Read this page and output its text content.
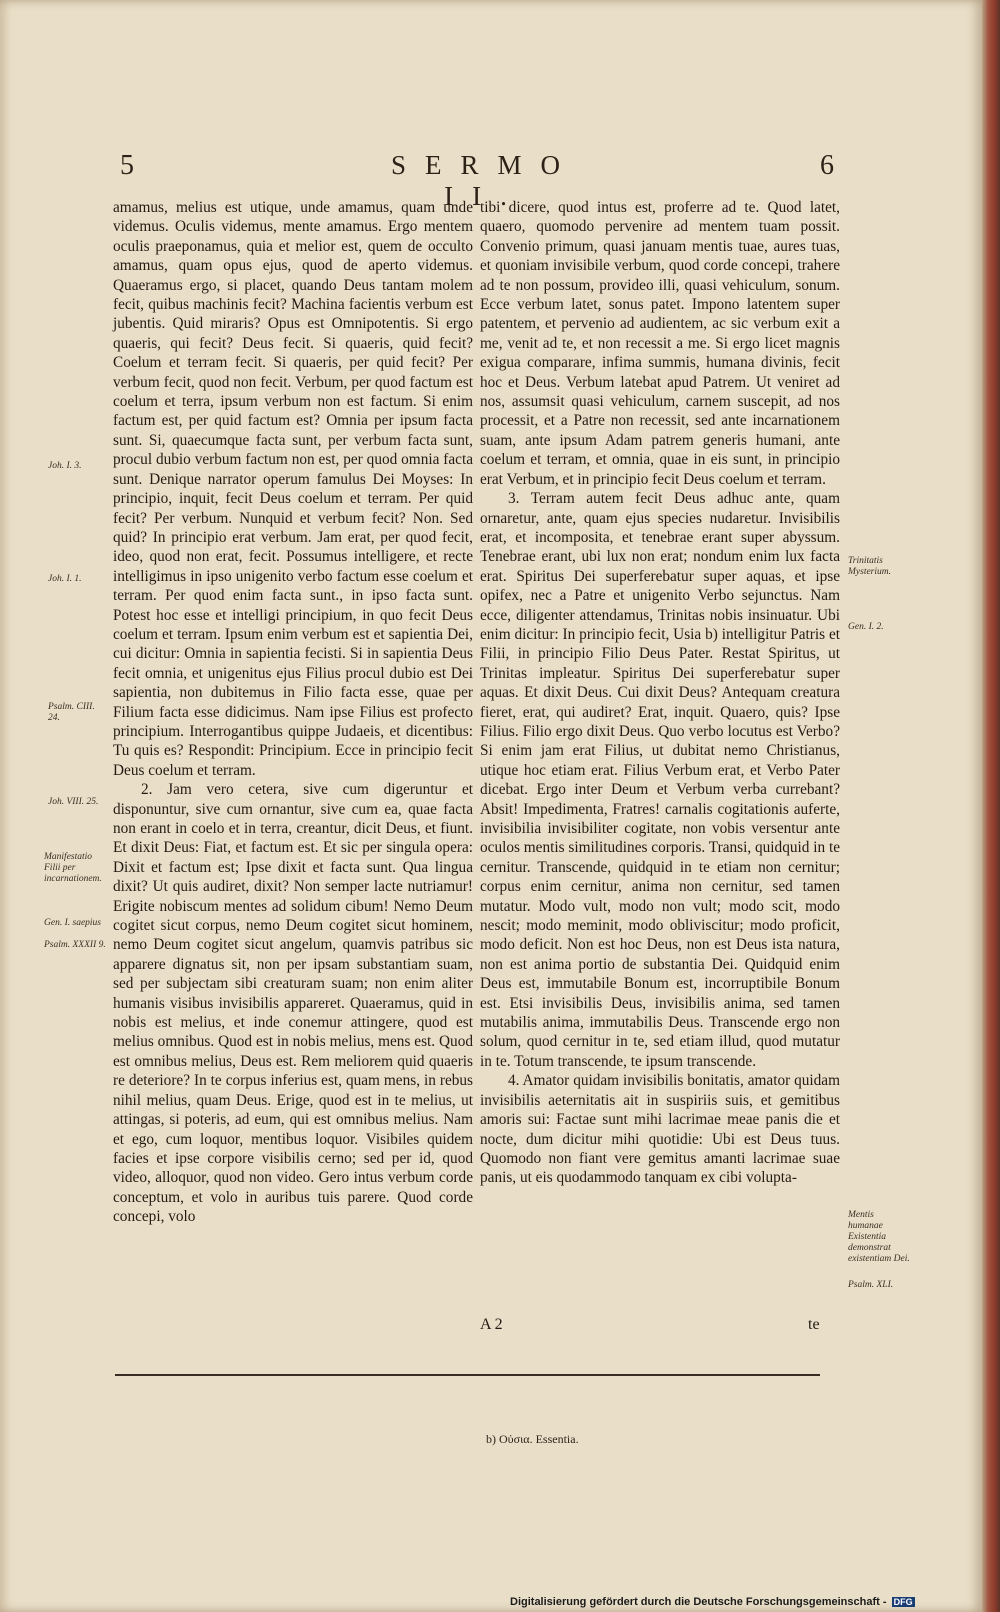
5	SERMO II.
6

amamus, melius est utique, unde amamus, quam unde videmus. Oculis videmus, mente amamus. Ergo mentem oculis praeponamus, quia et melior est, quem de occulto amamus, quam opus ejus, quod de aperto videmus. Quaeramus ergo, si placet, quando Deus tantam molem fecit, quibus machinis fecit? Machina facientis verbum est jubentis. Quid miraris? Opus est Omnipotentis. Si ergo quaeris, qui fecit? Deus fecit. Si quaeris, quid fecit? Coelum et terram fecit. Si quaeris, per quid fecit? Per verbum fecit, quod non fecit. Verbum, per quod factum est coelum et terra, ipsum verbum non est factum. Si enim factum est, per quid factum est? Omnia per ipsum facta sunt. Si, quaecumque facta sunt, per verbum facta sunt, procul dubio verbum factum non est, per quod omnia facta sunt. Denique narrator operum famulus Dei Moyses: In principio, inquit, fecit Deus coelum et terram. Per quid fecit? Per verbum. Nunquid et verbum fecit? Non. Sed quid? In principio erat verbum. Jam erat, per quod fecit, ideo, quod non erat, fecit. Possumus intelligere, et recte intelligimus in ipso unigenito verbo factum esse coelum et terram. Per quod enim facta sunt., in ipso facta sunt. Potest hoc esse et intelligi principium, in quo fecit Deus coelum et terram. Ipsum enim verbum est et sapientia Dei, cui dicitur: Omnia in sapientia fecisti. Si in sapientia Deus fecit omnia, et unigenitus ejus Filius procul dubio est Dei sapientia, non dubitemus in Filio facta esse, quae per Filium facta esse didicimus. Nam ipse Filius est profecto principium. Interrogantibus quippe Judaeis, et dicentibus: Tu quis es? Respondit: Principium. Ecce in principio fecit Deus coelum et terram.

2. Jam vero cetera, sive cum digeruntur et disponuntur, sive cum ornantur, sive cum ea, quae facta non erant in coelo et in terra, creantur, dicit Deus, et fiunt. Et dixit Deus: Fiat, et factum est. Et sic per singula opera: Dixit et factum est; Ipse dixit et facta sunt. Qua lingua dixit? Ut quis audiret, dixit? Non semper lacte nutriamur! Erigite nobiscum mentes ad solidum cibum! Nemo Deum cogitet sicut corpus, nemo Deum cogitet sicut hominem, nemo Deum cogitet sicut angelum, quamvis patribus sic apparere dignatus sit, non per ipsam substantiam suam, sed per subjectam sibi creaturam suam; non enim aliter humanis visibus invisibilis appareret. Quaeramus, quid in nobis est melius, et inde conemur attingere, quod est melius omnibus. Quod est in nobis melius, mens est. Quod est omnibus melius, Deus est. Rem meliorem quid quaeris re deteriore? In te corpus inferius est, quam mens, in rebus nihil melius, quam Deus. Erige, quod est in te melius, ut attingas, si poteris, ad eum, qui est omnibus melius. Nam et ego, cum loquor, mentibus loquor. Visibiles quidem facies et ipse corpore visibilis cerno; sed per id, quod video, alloquor, quod non video. Gero intus verbum corde conceptum, et volo in auribus tuis parere. Quod corde concepi, volo

tibi dicere, quod intus est, proferre ad te. Quod latet, quaero, quomodo pervenire ad mentem tuam possit. Convenio primum, quasi januam mentis tuae, aures tuas, et quoniam invisibile verbum, quod corde concepi, trahere ad te non possum, provideo illi, quasi vehiculum, sonum. Ecce verbum latet, sonus patet. Impono latentem super patentem, et pervenio ad audientem, ac sic verbum exit a me, venit ad te, et non recessit a me. Si ergo licet magnis exigua comparare, infima summis, humana divinis, fecit hoc et Deus. Verbum latebat apud Patrem. Ut veniret ad nos, assumsit quasi vehiculum, carnem suscepit, ad nos processit, et a Patre non recessit, sed ante incarnationem suam, ante ipsum Adam patrem generis humani, ante coelum et terram, et omnia, quae in eis sunt, in principio erat Verbum, et in principio fecit Deus coelum et terram.

3. Terram autem fecit Deus adhuc ante, quam ornaretur, ante, quam ejus species nudaretur. Invisibilis erat, et incomposita, et tenebrae erant super abyssum. Tenebrae erant, ubi lux non erat; nondum enim lux facta erat. Spiritus Dei superferebatur super aquas, et ipse opifex, nec a Patre et unigenito Verbo sejunctus. Nam ecce, diligenter attendamus, Trinitas nobis insinuatur. Ubi enim dicitur: In principio fecit, Usia b) intelligitur Patris et Filii, in principio Filio Deus Pater. Restat Spiritus, ut Trinitas impleatur. Spiritus Dei superferebatur super aquas. Et dixit Deus. Cui dixit Deus? Antequam creatura fieret, erat, qui audiret? Erat, inquit. Quaero, quis? Ipse Filius. Filio ergo dixit Deus. Quo verbo locutus est Verbo? Si enim jam erat Filius, ut dubitat nemo Christianus, utique hoc etiam erat. Filius Verbum erat, et Verbo Pater dicebat. Ergo inter Deum et Verbum verba currebant? Absit! Impedimenta, Fratres! carnalis cogitationis auferte, invisibilia invisibiliter cogitate, non vobis versentur ante oculos mentis similitudines corporis. Transi, quidquid in te cernitur. Transcende, quidquid in te etiam non cernitur; corpus enim cernitur, anima non cernitur, sed tamen mutatur. Modo vult, modo non vult; modo scit, modo nescit; modo meminit, modo obliviscitur; modo proficit, modo deficit. Non est hoc Deus, non est Deus ista natura, non est anima portio de substantia Dei. Quidquid enim Deus est, immutabile Bonum est, incorruptibile Bonum est. Etsi invisibilis Deus, invisibilis anima, sed tamen mutabilis anima, immutabilis Deus. Transcende ergo non solum, quod cernitur in te, sed etiam illud, quod mutatur in te. Totum transcende, te ipsum transcende.

4. Amator quidam invisibilis bonitatis, amator quidam invisibilis aeternitatis ait in suspiriis suis, et gemitibus amoris sui: Factae sunt mihi lacrimae meae panis die et nocte, dum dicitur mihi quotidie: Ubi est Deus tuus. Quomodo non fiant vere gemitus amanti lacrimae suae panis, ut eis quodammodo tanquam ex cibi volupta-

A 2	te
Joh. I. 3.
Joh. I. 1.
Psalm. CIII. 24.
Joh. VIII. 25.
Manifestatio Filii per incarnationem.
Gen. I. saepius
Psalm. XXXII 9.
Trinitatis Mysterium.
Gen. I. 2.
Mentis humanae Existentia demonstrat existentiam Dei.
Psalm. XLI.
b) Οὐσια. Essentia.
Digitalisierung gefördert durch die Deutsche Forschungsgemeinschaft - DFG
